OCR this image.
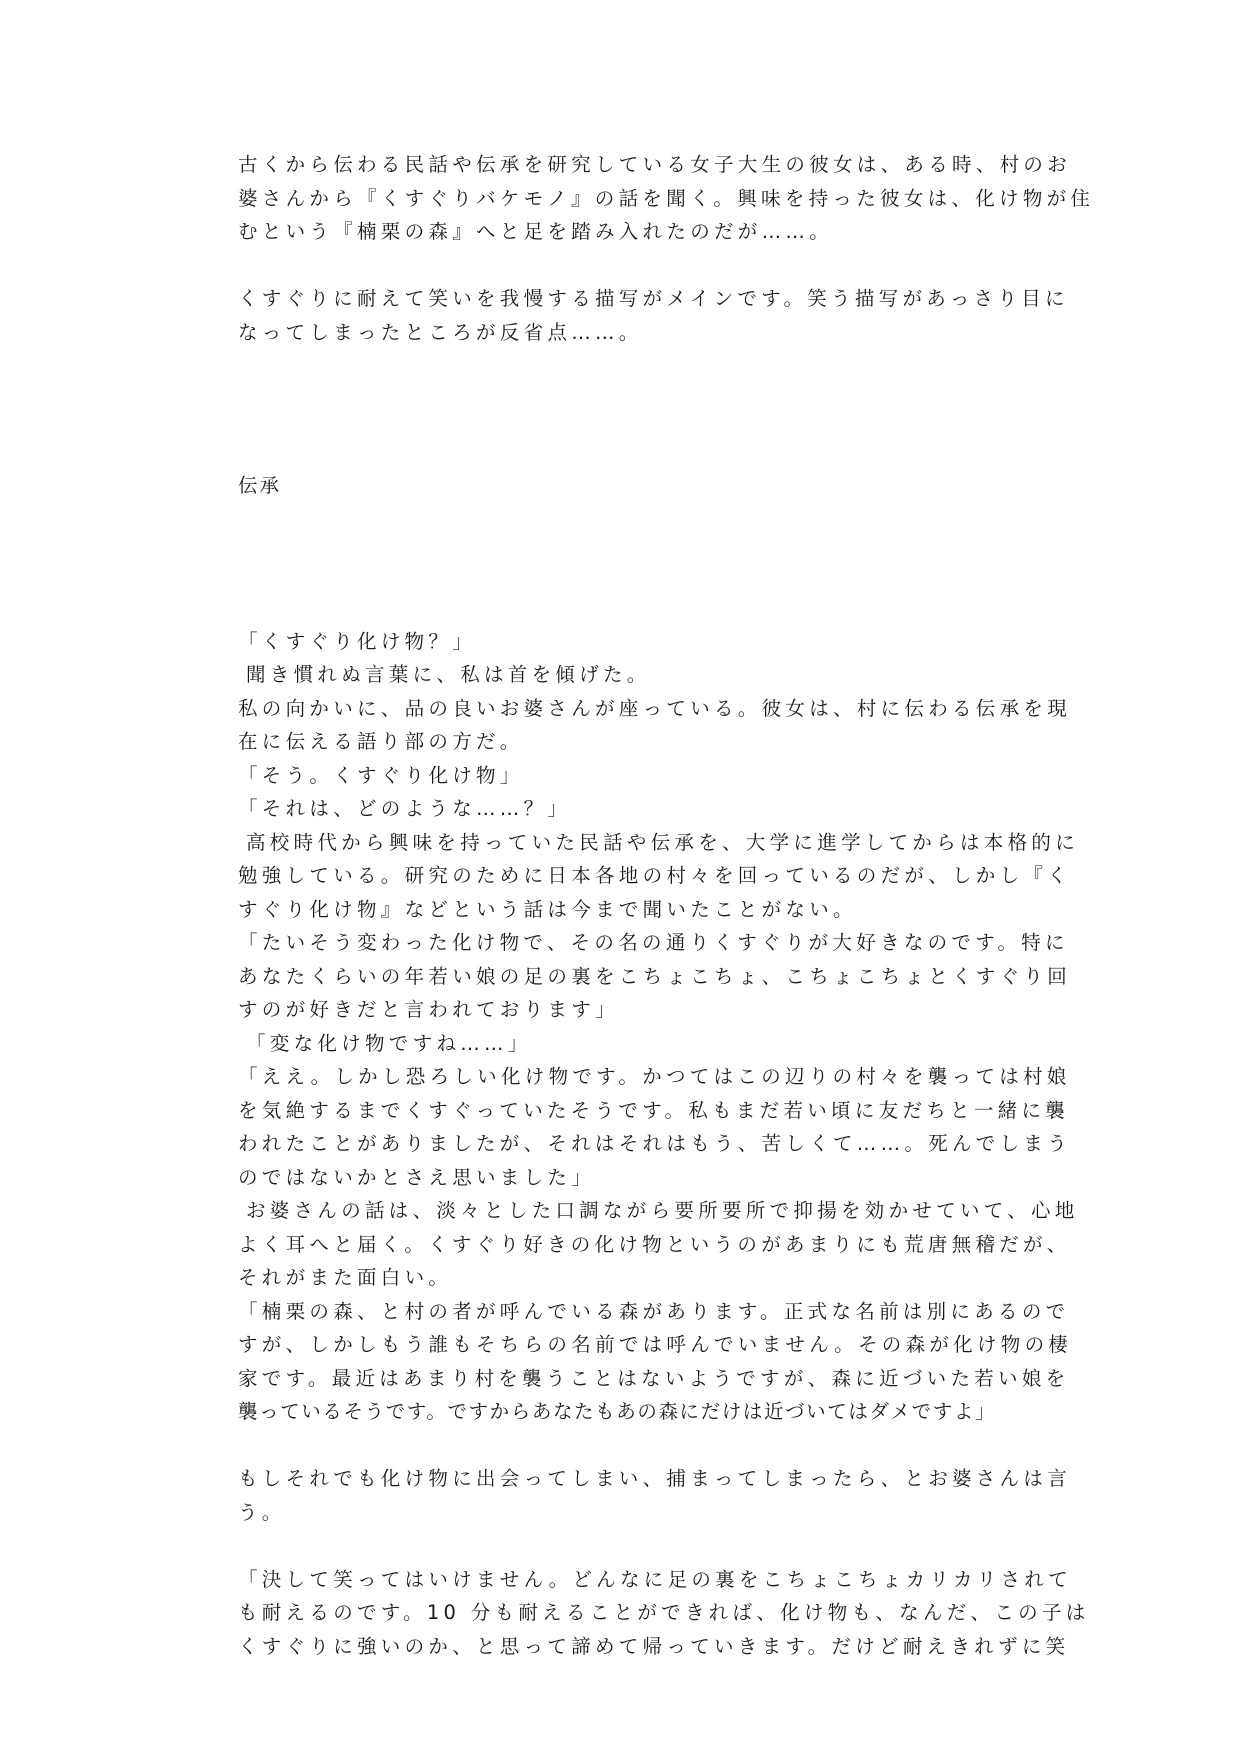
古くから伝わる民話や伝承を研究している女子大生の彼女は、ある時、村のお
婆さんから『くすぐりバケモノ』の話を聞く。興味を持った彼女は、化け物が住
むという『楠栗の森』へと足を踏み入れたのだが……。
くすぐりに耐えて笑いを我慢する描写がメインです。笑う描写があっさり目に
なってしまったところが反省点……。
伝承
「くすぐり化け物？」
聞き慣れぬ言葉に、私は首を傾げた。
私の向かいに、品の良いお婆さんが座っている。彼女は、村に伝わる伝承を現
在に伝える語り部の方だ。
「そう。くすぐり化け物」
「それは、どのような……？」
高校時代から興味を持っていた民話や伝承を、大学に進学してからは本格的に
勉強している。研究のために日本各地の村々を回っているのだが、しかし『く
すぐり化け物』などという話は今まで聞いたことがない。
「たいそう変わった化け物で、その名の通りくすぐりが大好きなのです。特に
あなたくらいの年若い娘の足の裏をこちょこちょ、こちょこちょとくすぐり回
すのが好きだと言われております」
「変な化け物ですね……」
「ええ。しかし恐ろしい化け物です。かつてはこの辺りの村々を襲っては村娘
を気絶するまでくすぐっていたそうです。私もまだ若い頃に友だちと一緒に襲
われたことがありましたが、それはそれはもう、苦しくて……。死んでしまう
のではないかとさえ思いました」
お婆さんの話は、淡々とした口調ながら要所要所で抑揚を効かせていて、心地
よく耳へと届く。くすぐり好きの化け物というのがあまりにも荒唐無稽だが、
それがまた面白い。
「楠栗の森、と村の者が呼んでいる森があります。正式な名前は別にあるので
すが、しかしもう誰もそちらの名前では呼んでいません。その森が化け物の棲
家です。最近はあまり村を襲うことはないようですが、森に近づいた若い娘を
襲っているそうです。ですからあなたもあの森にだけは近づいてはダメですよ」
もしそれでも化け物に出会ってしまい、捕まってしまったら、とお婆さんは言
う。
「決して笑ってはいけません。どんなに足の裏をこちょこちょカリカリされて
も耐えるのです。10 分も耐えることができれば、化け物も、なんだ、この子は
くすぐりに強いのか、と思って諦めて帰っていきます。だけど耐えきれずに笑
